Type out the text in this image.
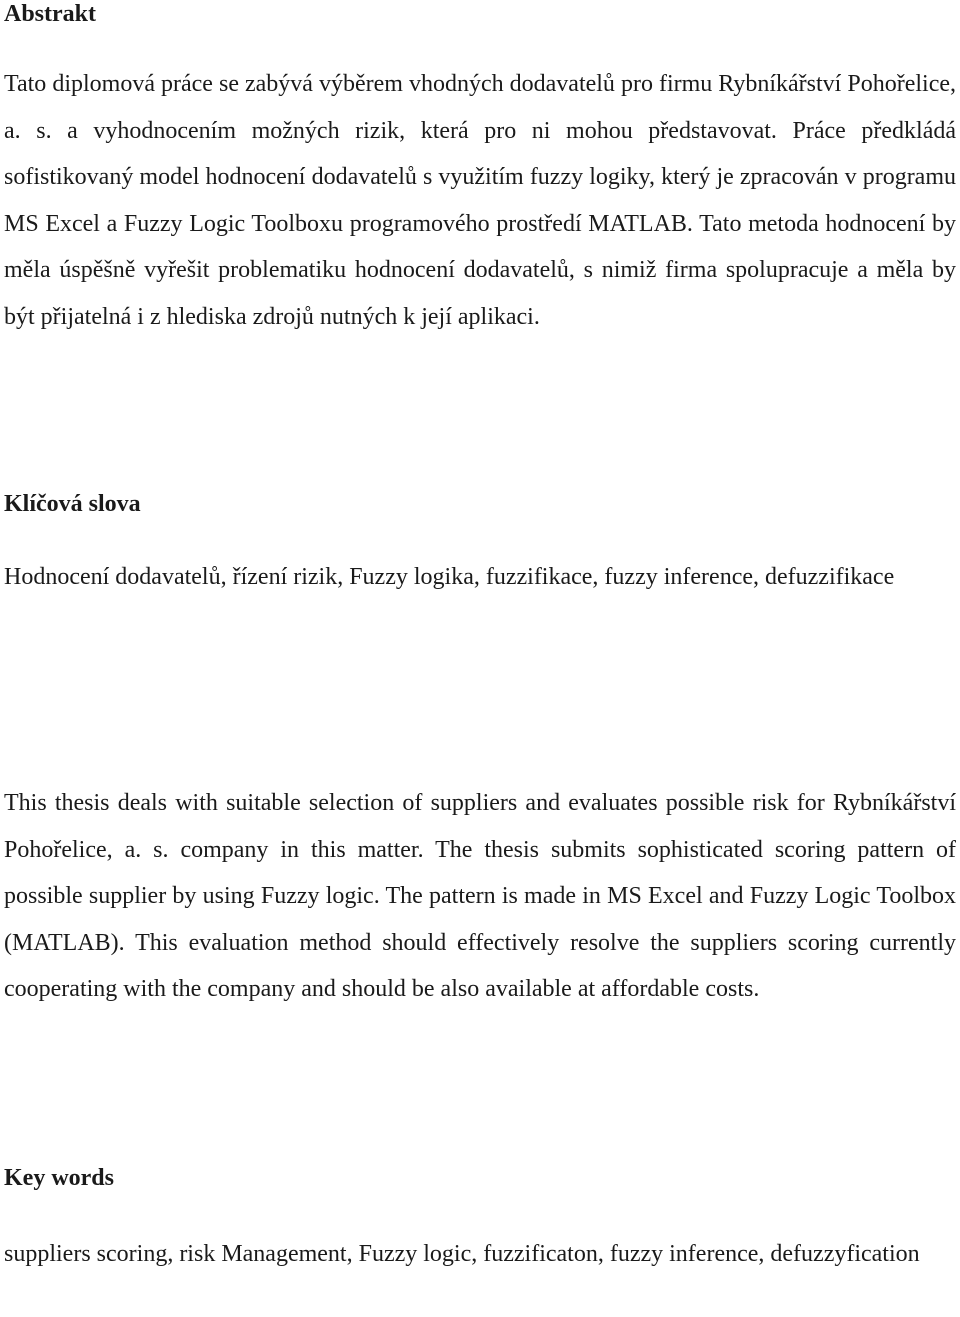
Abstrakt

Tato diplomová práce se zabývá výběrem vhodných dodavatelů pro firmu Rybníkářství Pohořelice, a. s. a vyhodnocením možných rizik, která pro ni mohou představovat. Práce předkládá sofistikovaný model hodnocení dodavatelů s využitím fuzzy logiky, který je zpracován v programu MS Excel a Fuzzy Logic Toolboxu programového prostředí MATLAB. Tato metoda hodnocení by měla úspěšně vyřešit problematiku hodnocení dodavatelů, s nimiž firma spolupracuje a měla by být přijatelná i z hlediska zdrojů nutných k její aplikaci.

Klíčová slova

Hodnocení dodavatelů, řízení rizik, Fuzzy logika, fuzzifikace, fuzzy inference, defuzzifikace

This thesis deals with suitable selection of suppliers and evaluates possible risk for Rybníkářství Pohořelice, a. s. company in this matter. The thesis submits sophisticated scoring pattern of possible supplier by using Fuzzy logic. The pattern is made in MS Excel and Fuzzy Logic Toolbox (MATLAB). This evaluation method should effectively resolve the suppliers scoring currently cooperating with the company and should be also available at affordable costs.

Key words

suppliers scoring, risk Management, Fuzzy logic, fuzzificaton, fuzzy inference, defuzzyfication
